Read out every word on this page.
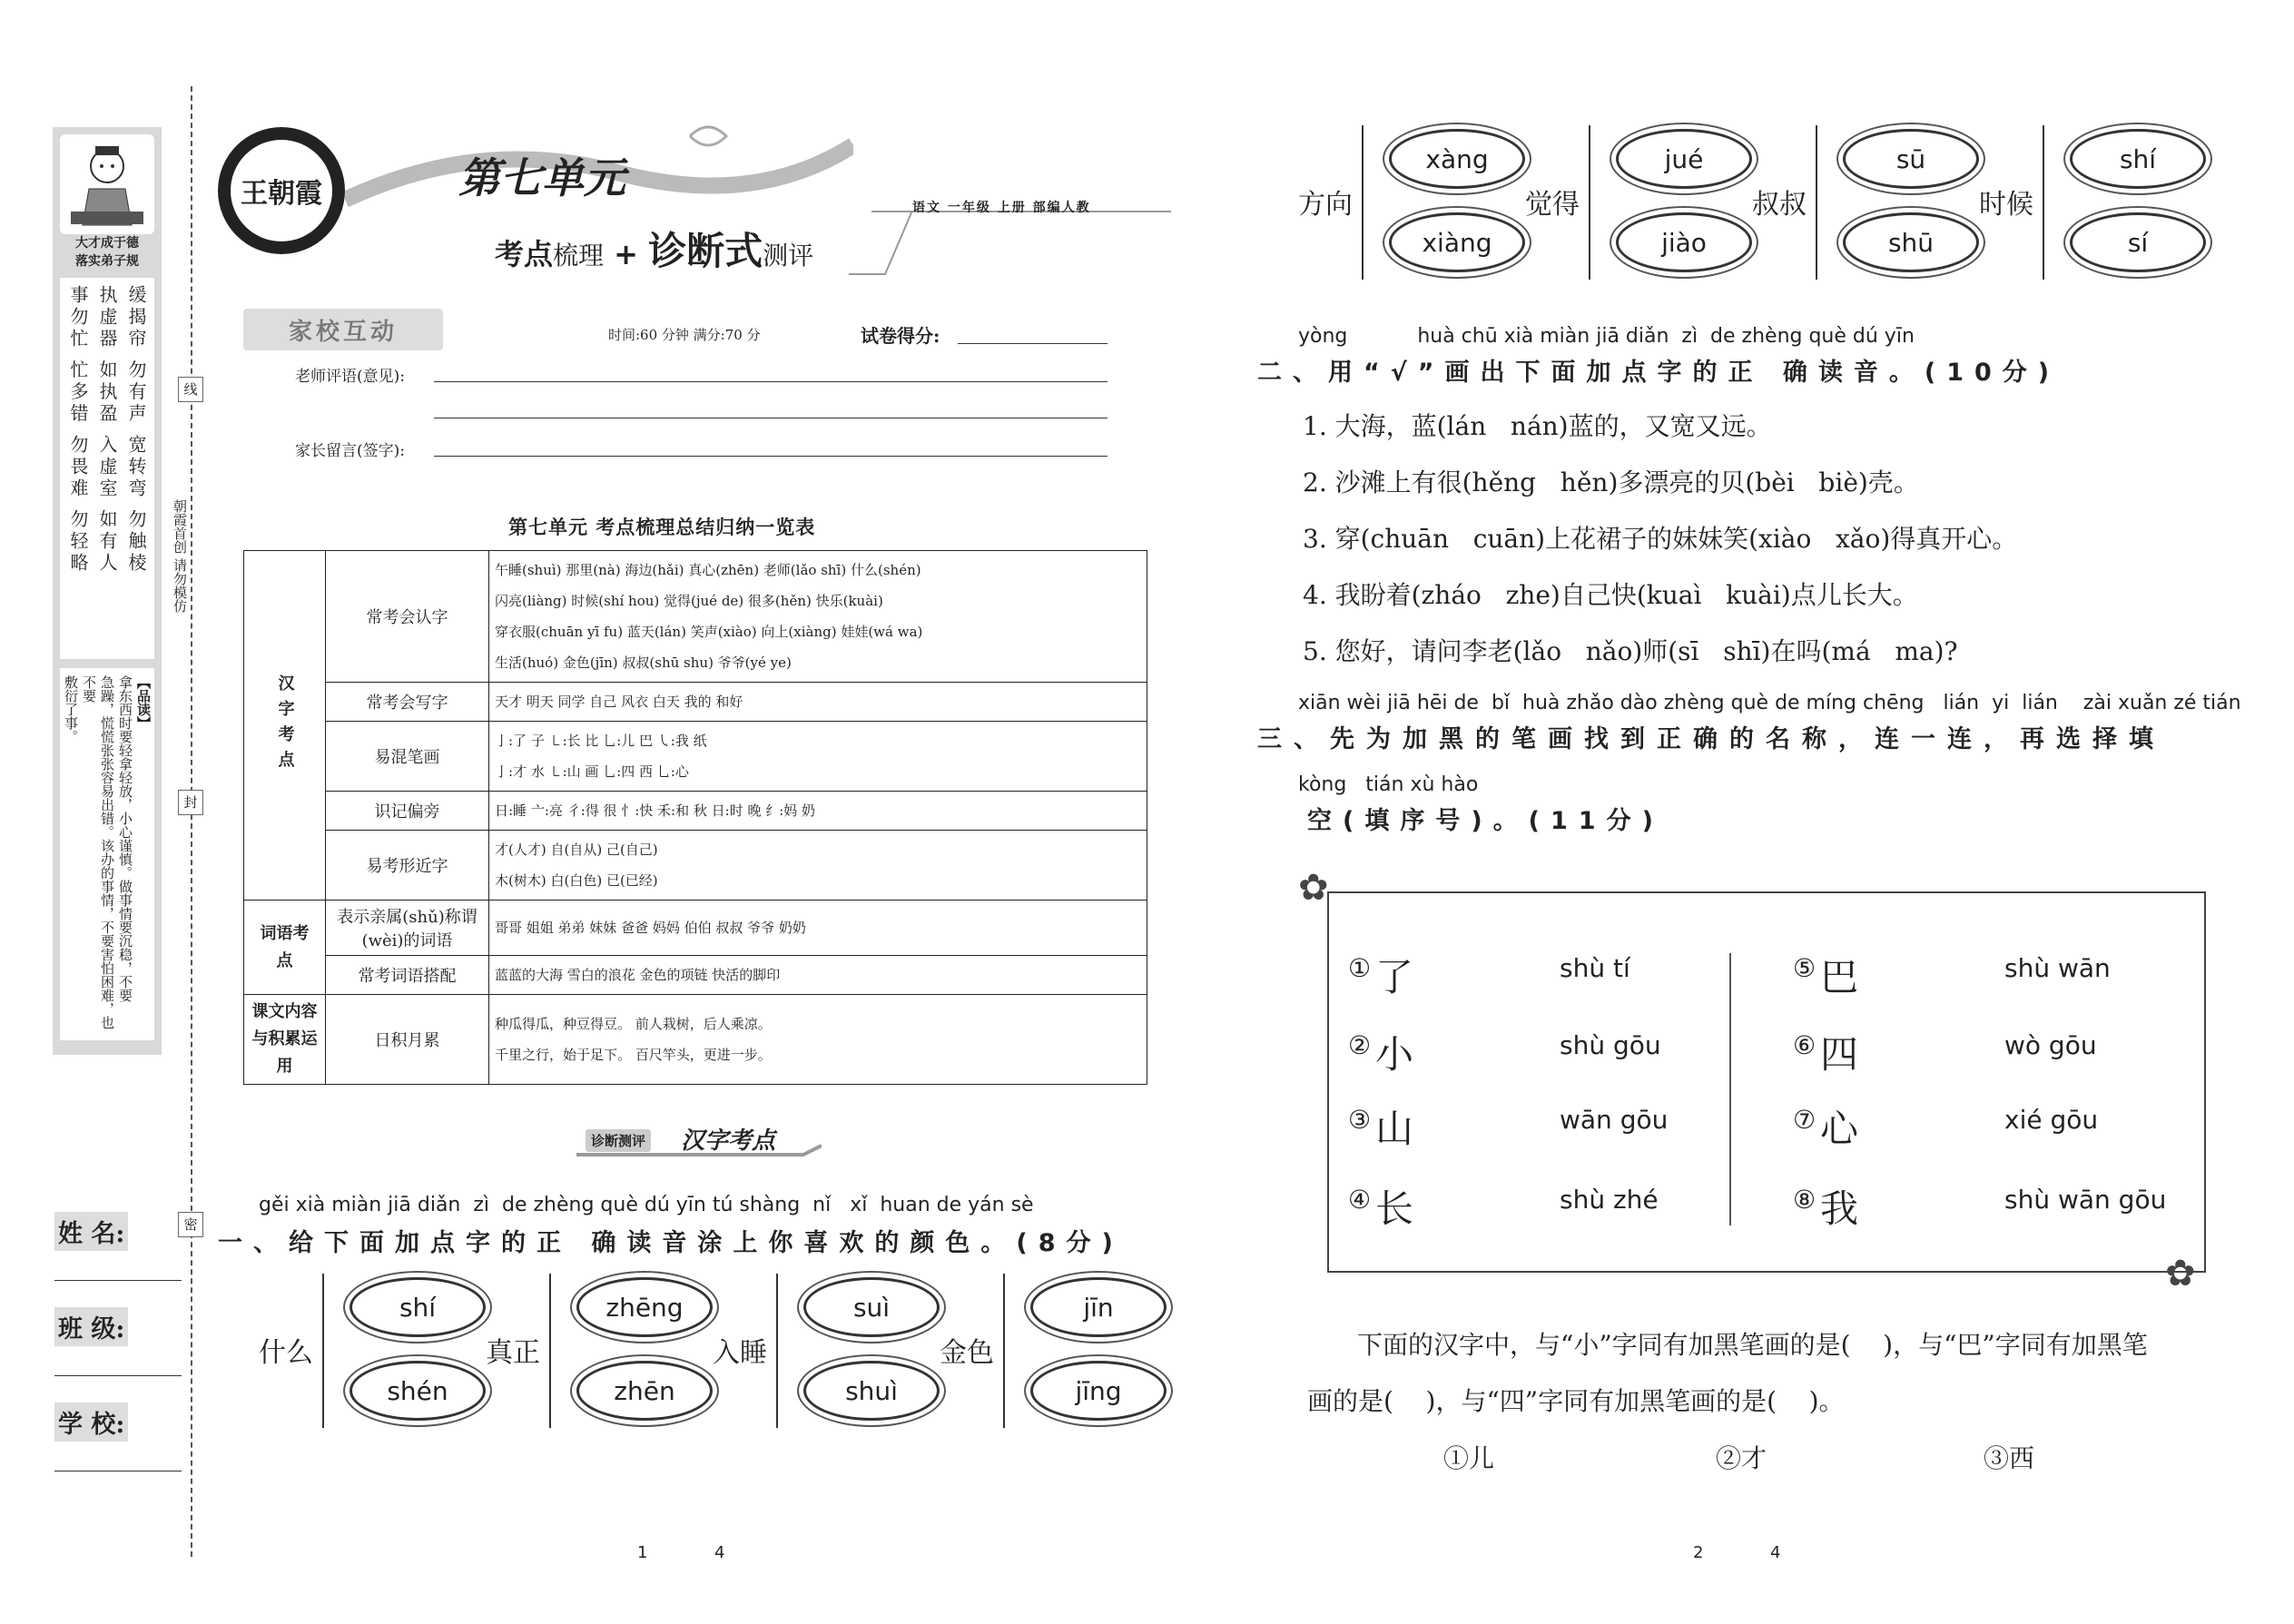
大才成于德
落实弟子规
缓揭帘 勿有声 宽转弯 勿触棱
执虚器 如执盈 入虚室 如有人
事勿忙 忙多错 勿畏难 勿轻略
【品读】
拿东西时要轻拿轻放，小心谨慎。做事情要沉稳，不要
急躁，慌慌张张容易出错。该办的事情，不要害怕困难，也不要
敷衍了事。
线
封
密
朝霞首创 请勿模仿
姓 名:
班 级:
学 校:
王朝霞	第七单元
考点梳理 + 诊断式测评
语文 一年级 上册 部编人教
家校互动	时间:60 分钟 满分:70 分	试卷得分:
老师评语(意见):
家长留言(签字):
第七单元 考点梳理总结归纳一览表
汉字考点	常考会认字	午睡(shuì) 那里(nà) 海边(hǎi) 真心(zhēn) 老师(lǎo shī) 什么(shén)
闪亮(liàng) 时候(shí hou) 觉得(jué de) 很多(hěn) 快乐(kuài)
穿衣服(chuān yī fu) 蓝天(lán) 笑声(xiào) 向上(xiàng) 娃娃(wá wa)
生活(huó) 金色(jīn) 叔叔(shū shu) 爷爷(yé ye)

	常考会写字	天才 明天 同学 自己 风衣 白天 我的 和好
	易混笔画	亅:了 子 ㇄:长 比 乚:儿 巴 ㇂:我 纸
亅:才 水 ㇄:山 画 乚:四 西 乚:心

	识记偏旁	日:睡 亠:亮 彳:得 很 忄:快 禾:和 秋 日:时 晚 纟:妈 奶
	易考形近字	才(人才) 自(自从) 己(自己)
木(树木) 白(白色) 已(已经)

词语考点	表示亲属(shǔ)称谓(wèi)的词语	哥哥 姐姐 弟弟 妹妹 爸爸 妈妈 伯伯 叔叔 爷爷 奶奶
	常考词语搭配	蓝蓝的大海 雪白的浪花 金色的项链 快活的脚印

课文内容与积累运用	日积月累	种瓜得瓜，种豆得豆。 前人栽树，后人乘凉。
千里之行，始于足下。 百尺竿头，更进一步。
诊断测评 汉字考点
gěi xià miàn jiā diǎn  zì  de zhèng què dú yīn tú shàng  nǐ   xǐ  huan de yán sè
一、给下面加点字的正 确读音涂上你喜欢的颜色。(8分)
什么
shí
shén
真正
zhēng
zhēn
入睡
suì
shuì
金色
jīn
jīng
方向
xàng
xiàng
觉得
jué
jiào
叔叔
sū
shū
时候
shí
sí
yòng           huà chū xià miàn jiā diǎn  zì  de zhèng què dú yīn
二、用“√”画出下面加点字的正 确读音。(10分)
1. 大海，蓝(lán   nán)蓝的，又宽又远。
2. 沙滩上有很(hěng   hěn)多漂亮的贝(bèi   biè)壳。
3. 穿(chuān   cuān)上花裙子的妹妹笑(xiào   xǎo)得真开心。
4. 我盼着(zháo   zhe)自己快(kuaì   kuài)点儿长大。
5. 您好，请问李老(lǎo   nǎo)师(sī   shī)在吗(má   ma)?
xiān wèi jiā hēi de  bǐ  huà zhǎo dào zhèng què de míng chēng   lián  yi  lián    zài xuǎn zé tián
三、先为加黑的笔画找到正确的名称，连一连，再选择填
kòng   tián xù hào
空(填序号)。(11分)
✿
✿
① 了	shù tí
② 小	shù gōu
③ 山	wān gōu
④ 长	shù zhé
⑤ 巴	shù wān
⑥ 四	wò gōu
⑦ 心	xié gōu
⑧ 我	shù wān gōu
下面的汉字中，与“小”字同有加黑笔画的是(    )，与“巴”字同有加黑笔
画的是(    )，与“四”字同有加黑笔画的是(    )。
①儿	②才	③西
1	4	2	4
